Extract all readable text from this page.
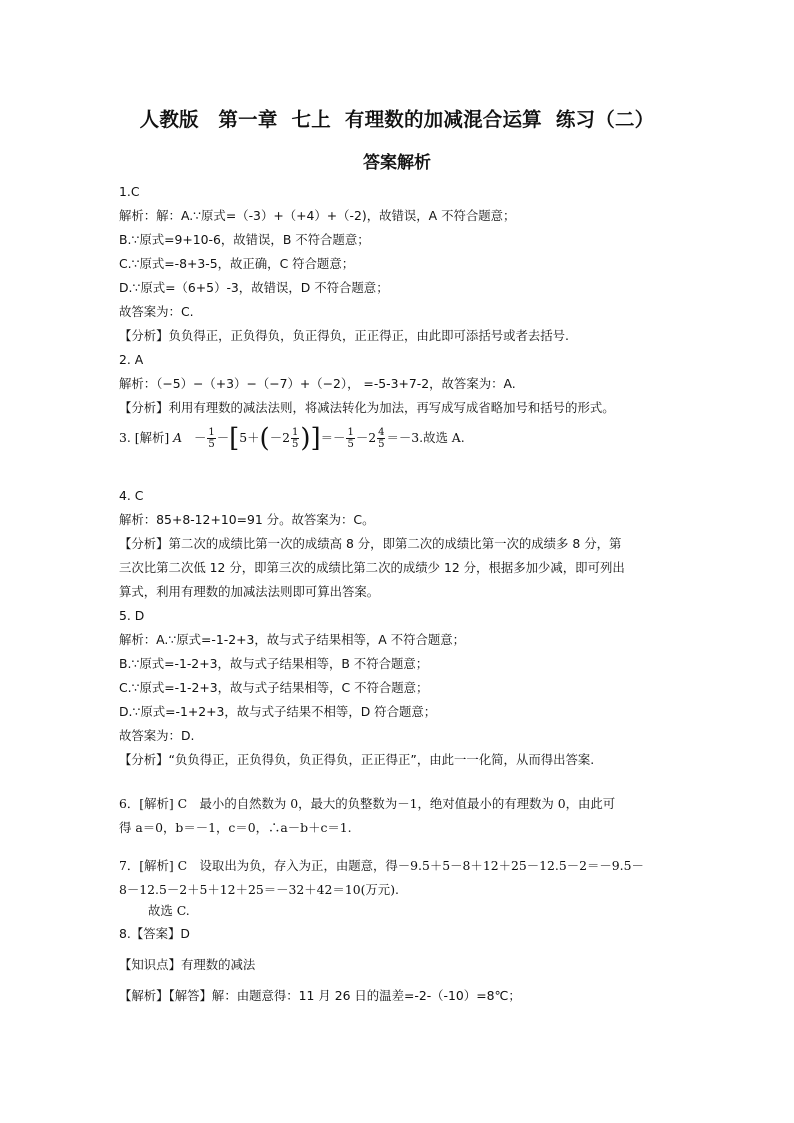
人教版　第一章  七上  有理数的加减混合运算  练习（二）
答案解析
1.C
解析：解：A.∵原式=（-3）+（+4）+（-2)，故错误，A 不符合题意；
B.∵原式=9+10-6，故错误，B 不符合题意；
C.∵原式=-8+3-5，故正确，C 符合题意；
D.∵原式=（6+5）-3，故错误，D 不符合题意；
故答案为：C.
【分析】负负得正，正负得负，负正得负，正正得正，由此即可添括号或者去括号.
2. A
解析：（−5）−（+3）−（−7）+（−2）， =-5-3+7-2，故答案为：A.
【分析】利用有理数的减法法则，将减法转化为加法，再写成写成省略加号和括号的形式。
3. [解析] $A - \frac{1}{5} -[5+(-2 \frac{1}{5}$ )]＝－ $\frac{1}{5} -2 \frac{4}{5} =-3$.故选 A.
4. C
解析：85+8-12+10=91 分。故答案为：C。
【分析】第二次的成绩比第一次的成绩高 8 分，即第二次的成绩比第一次的成绩多 8 分，第
三次比第二次低 12 分，即第三次的成绩比第二次的成绩少 12 分，根据多加少减，即可列出
算式，利用有理数的加减法法则即可算出答案。
5. D
解析：A.∵原式=-1-2+3，故与式子结果相等，A 不符合题意；
B.∵原式=-1-2+3，故与式子结果相等，B 不符合题意；
C.∵原式=-1-2+3，故与式子结果相等，C 不符合题意；
D.∵原式=-1+2+3，故与式子结果不相等，D 符合题意；
故答案为：D.
【分析】“负负得正，正负得负，负正得负，正正得正”，由此一一化简，从而得出答案.
6．[解析] C　最小的自然数为 0，最大的负整数为－1，绝对值最小的有理数为 0，由此可
得 a＝0，b＝－1，c＝0，∴a－b＋c＝1.
7．[解析] C　设取出为负，存入为正，由题意，得－9.5＋5－8＋12＋25－12.5－2＝－9.5－
8－12.5－2＋5＋12＋25＝－32＋42＝10(万元).
故选 C.
8.【答案】D
【知识点】有理数的减法
【解析】【解答】解：由题意得：11 月 26 日的温差=-2-（-10）=8℃；
